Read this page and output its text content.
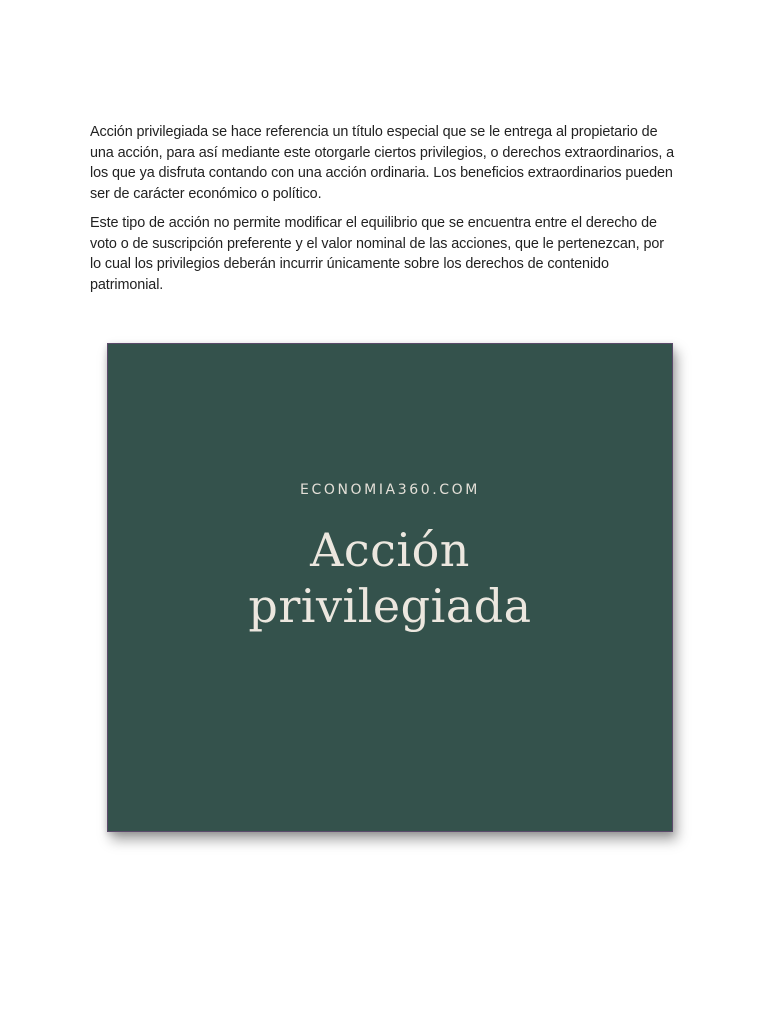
Acción privilegiada se hace referencia un título especial que se le entrega al propietario de una acción, para así mediante este otorgarle ciertos privilegios, o derechos extraordinarios, a los que ya disfruta contando con una acción ordinaria. Los beneficios extraordinarios pueden ser de carácter económico o político.

Este tipo de acción no permite modificar el equilibrio que se encuentra entre el derecho de voto o de suscripción preferente y el valor nominal de las acciones, que le pertenezcan, por lo cual los privilegios deberán incurrir únicamente sobre los derechos de contenido patrimonial.

ECONOMIA360.COM
Acción
privilegiada
